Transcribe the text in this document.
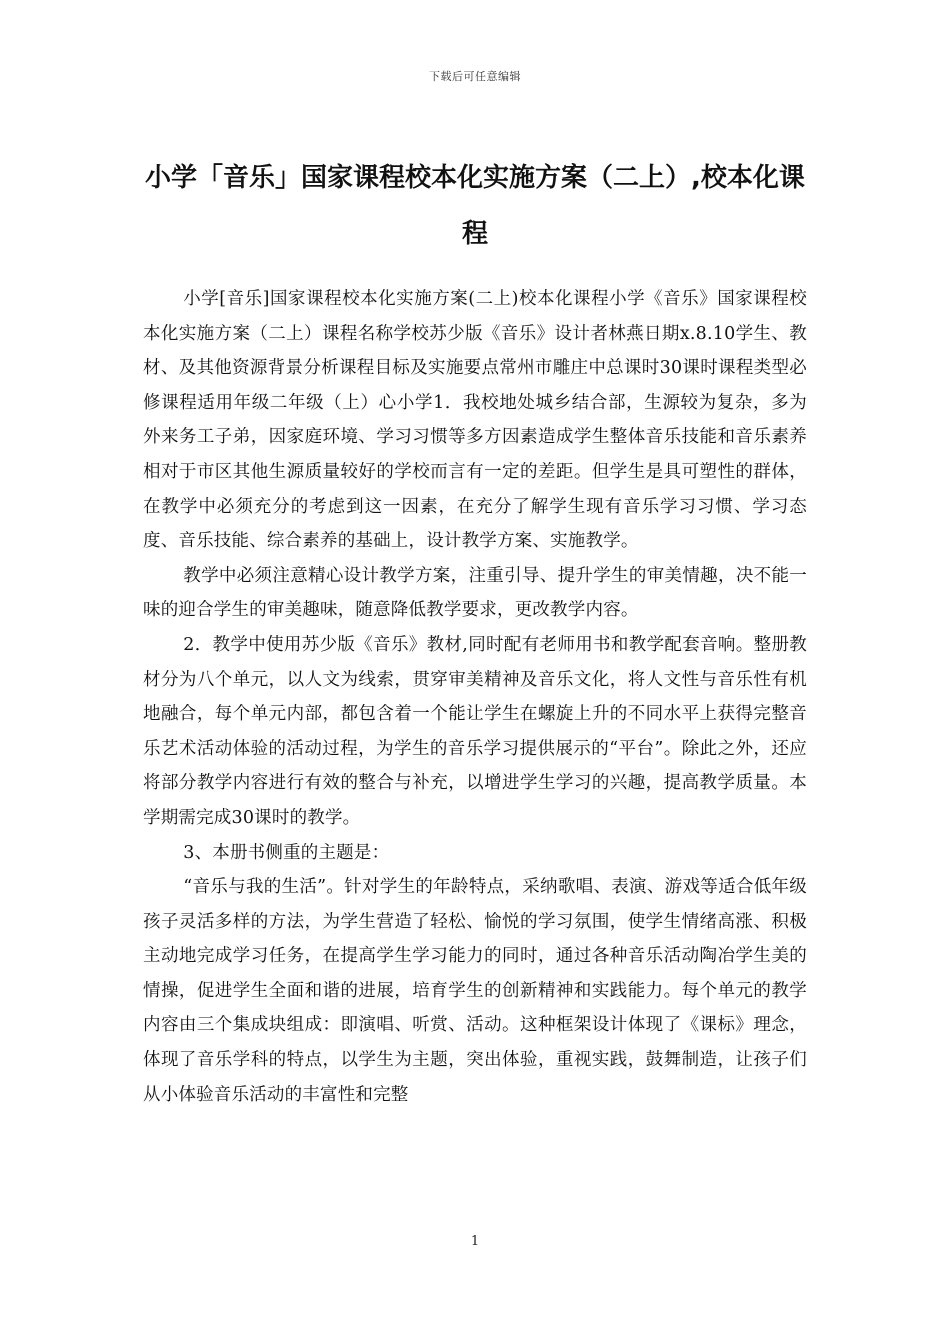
下载后可任意编辑
小学「音乐」国家课程校本化实施方案（二上）,校本化课程

小学[音乐]国家课程校本化实施方案(二上)校本化课程小学《音乐》国家课程校本化实施方案（二上）课程名称学校苏少版《音乐》设计者林燕日期x.8.10学生、教材、及其他资源背景分析课程目标及实施要点常州市雕庄中总课时30课时课程类型必修课程适用年级二年级（上）心小学1．我校地处城乡结合部，生源较为复杂，多为外来务工子弟，因家庭环境、学习习惯等多方因素造成学生整体音乐技能和音乐素养相对于市区其他生源质量较好的学校而言有一定的差距。但学生是具可塑性的群体，在教学中必须充分的考虑到这一因素，在充分了解学生现有音乐学习习惯、学习态度、音乐技能、综合素养的基础上，设计教学方案、实施教学。

教学中必须注意精心设计教学方案，注重引导、提升学生的审美情趣，决不能一味的迎合学生的审美趣味，随意降低教学要求，更改教学内容。

2．教学中使用苏少版《音乐》教材,同时配有老师用书和教学配套音响。整册教材分为八个单元，以人文为线索，贯穿审美精神及音乐文化，将人文性与音乐性有机地融合，每个单元内部，都包含着一个能让学生在螺旋上升的不同水平上获得完整音乐艺术活动体验的活动过程，为学生的音乐学习提供展示的“平台”。除此之外，还应将部分教学内容进行有效的整合与补充，以增进学生学习的兴趣，提高教学质量。本学期需完成30课时的教学。

3、本册书侧重的主题是：

“音乐与我的生活”。针对学生的年龄特点，采纳歌唱、表演、游戏等适合低年级孩子灵活多样的方法，为学生营造了轻松、愉悦的学习氛围，使学生情绪高涨、积极主动地完成学习任务，在提高学生学习能力的同时，通过各种音乐活动陶冶学生美的情操，促进学生全面和谐的进展，培育学生的创新精神和实践能力。每个单元的教学内容由三个集成块组成：即演唱、听赏、活动。这种框架设计体现了《课标》理念，体现了音乐学科的特点，以学生为主题，突出体验，重视实践，鼓舞制造，让孩子们从小体验音乐活动的丰富性和完整

1
